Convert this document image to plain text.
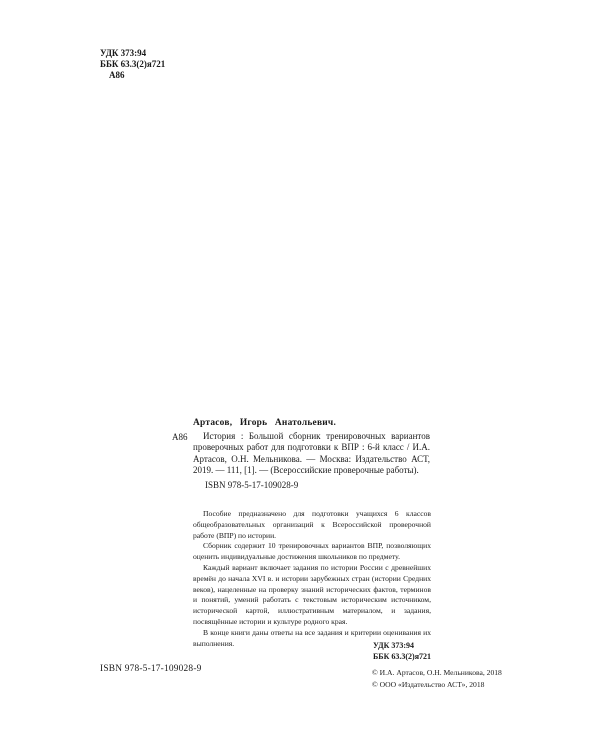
УДК 373:94
ББК 63.3(2)я721
А86
Артасов, Игорь Анатольевич.
А86	История : Большой сборник тренировочных вариантов проверочных работ для подготовки к ВПР : 6-й класс / И.А. Артасов, О.Н. Мельникова. — Москва: Издательство АСТ, 2019. — 111, [1]. — (Всероссийские проверочные работы).

ISBN 978-5-17-109028-9

Пособие предназначено для подготовки учащихся 6 классов общеобразовательных организаций к Всероссийской проверочной работе (ВПР) по истории.

Сборник содержит 10 тренировочных вариантов ВПР, позволяющих оценить индивидуальные достижения школьников по предмету.

Каждый вариант включает задания по истории России с древнейших времён до начала XVI в. и истории зарубежных стран (истории Средних веков), нацеленные на проверку знаний исторических фактов, терминов и понятий, умений работать с текстовым историческим источником, исторической картой, иллюстративным материалом, и задания, посвящённые истории и культуре родного края.

В конце книги даны ответы на все задания и критерии оценивания их выполнения.	УДК 373:94
ББК 63.3(2)я721
ISBN 978-5-17-109028-9	© И.А. Артасов, О.Н. Мельникова, 2018
© ООО «Издательство АСТ», 2018
